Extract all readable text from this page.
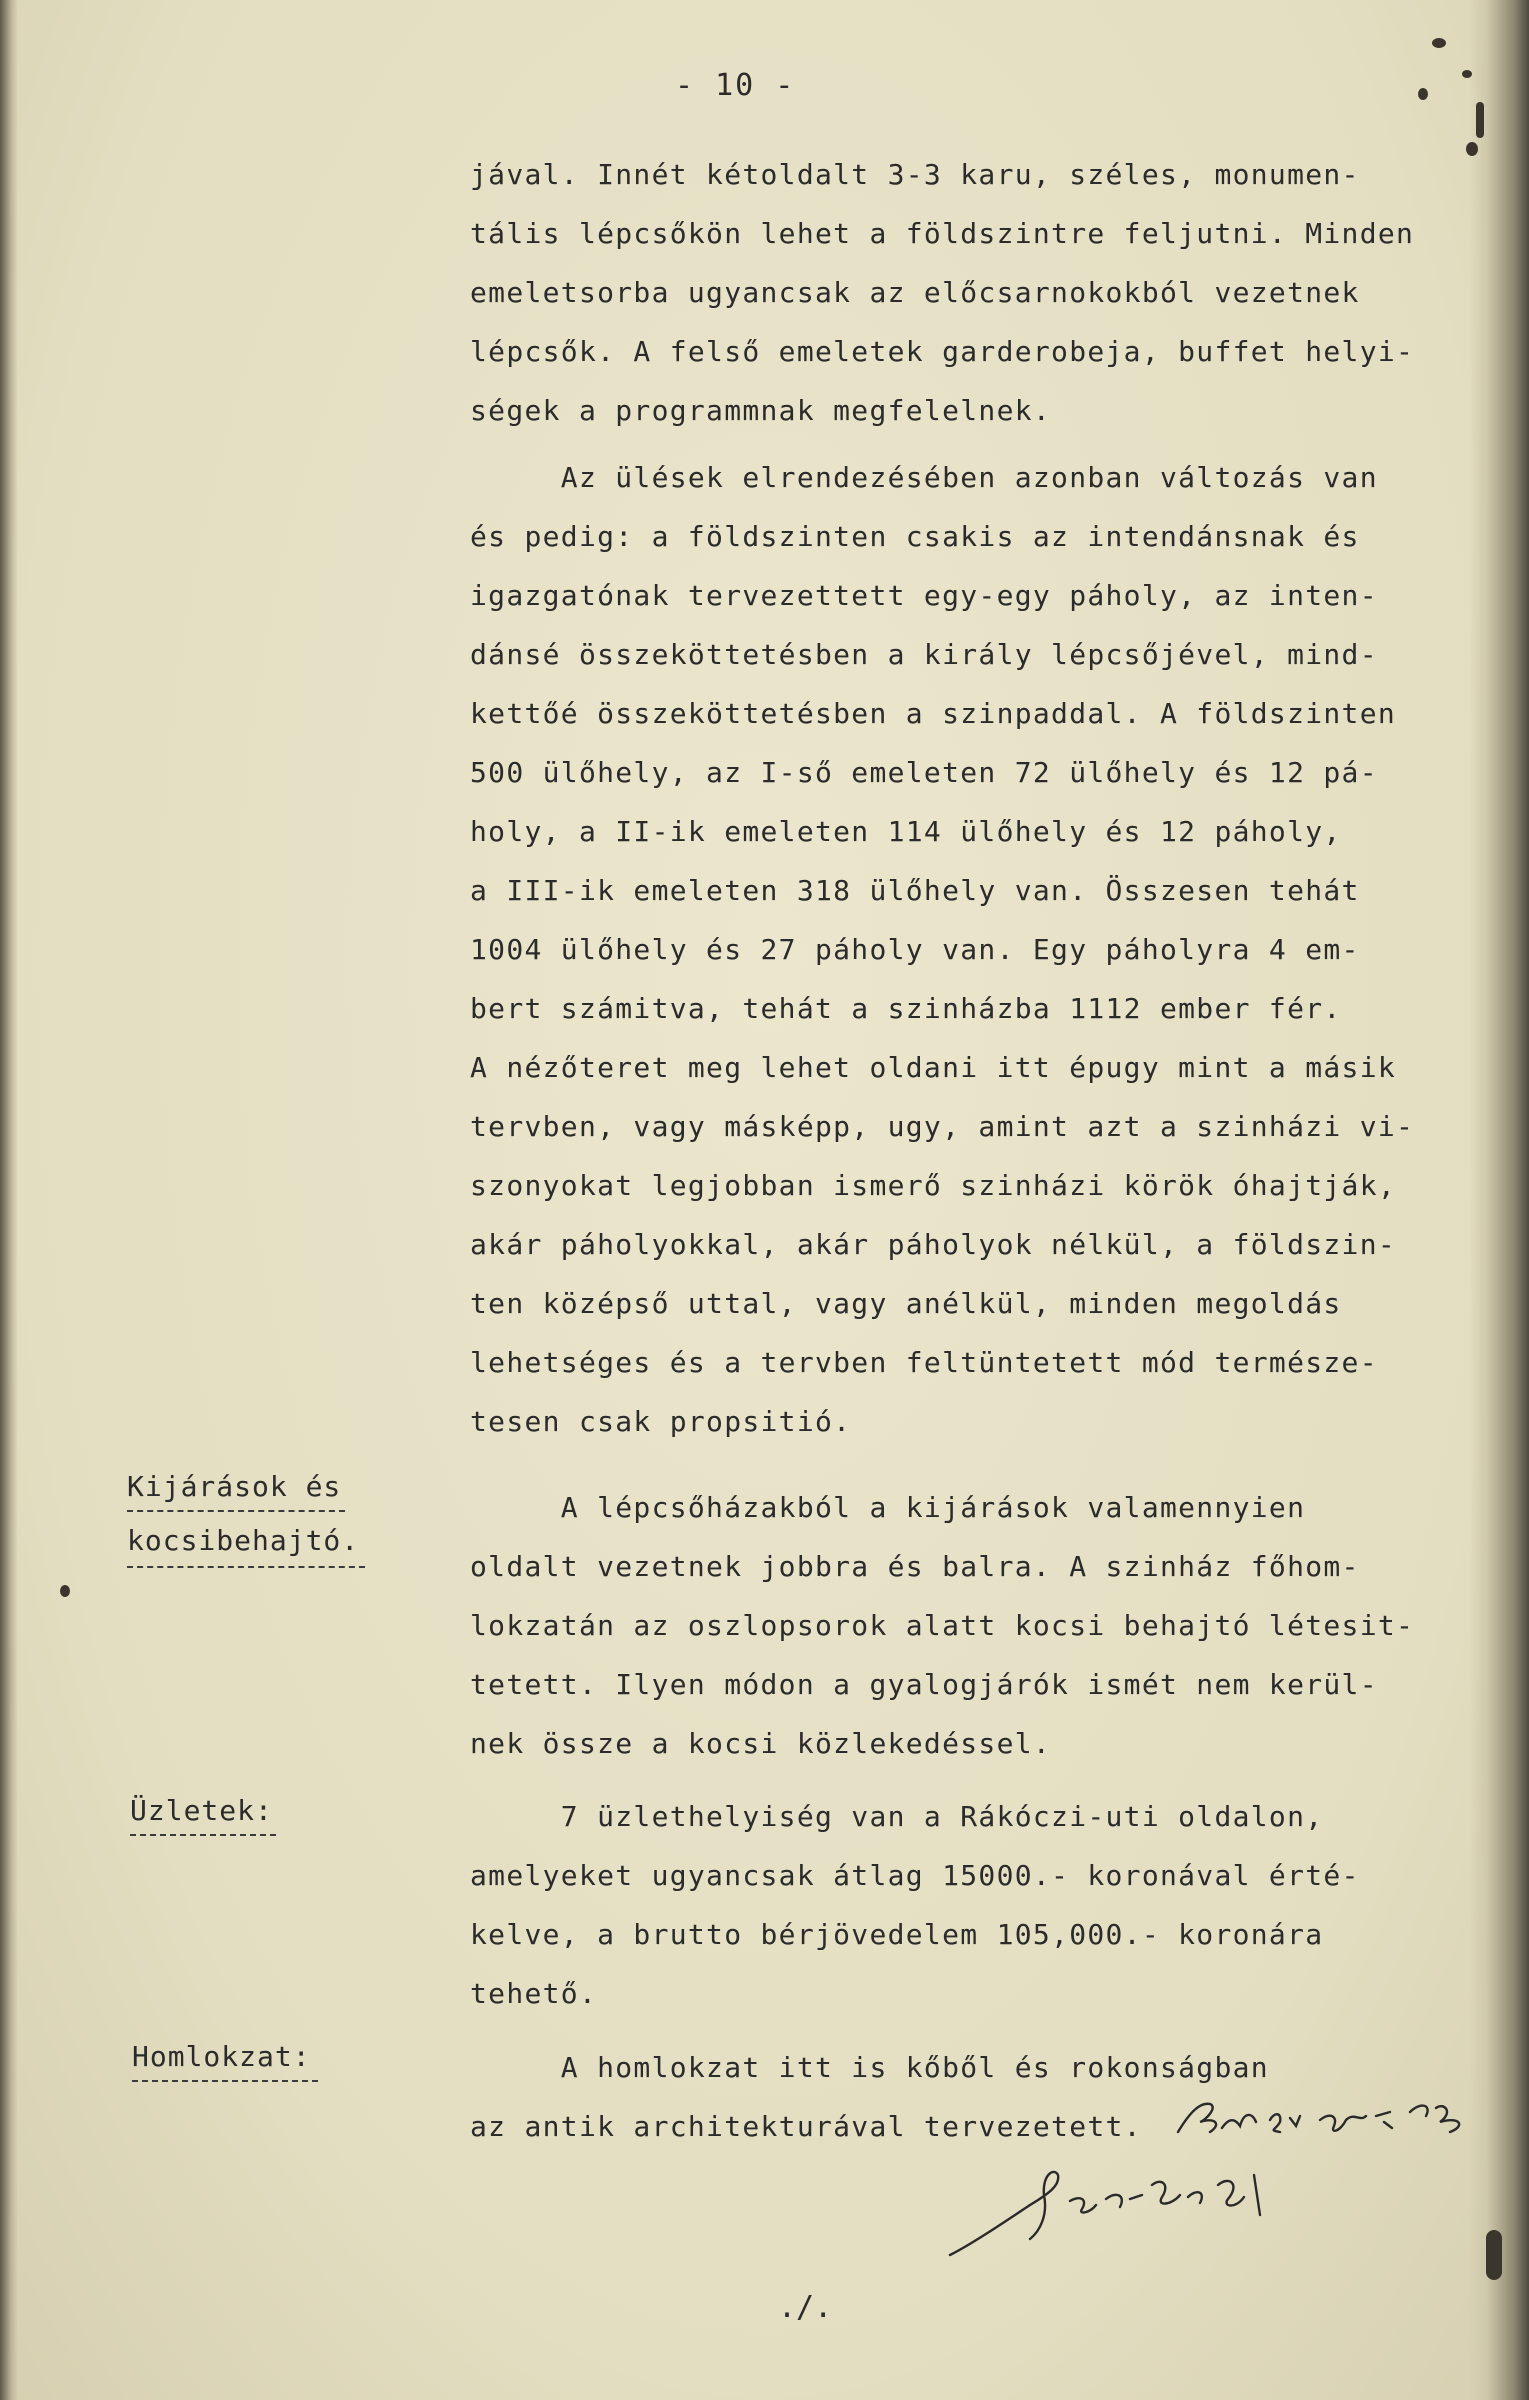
- 10 -
jával. Innét kétoldalt 3-3 karu, széles, monumen-
tális lépcsőkön lehet a földszintre feljutni. Minden
emeletsorba ugyancsak az előcsarnokokból vezetnek
lépcsők. A felső emeletek garderobeja, buffet helyi-
ségek a programmnak megfelelnek.
Az ülések elrendezésében azonban változás van
és pedig: a földszinten csakis az intendánsnak és
igazgatónak tervezettett egy-egy páholy, az inten-
dánsé összeköttetésben a király lépcsőjével, mind-
kettőé összeköttetésben a szinpaddal. A földszinten
500 ülőhely, az I-ső emeleten 72 ülőhely és 12 pá-
holy, a II-ik emeleten 114 ülőhely és 12 páholy,
a III-ik emeleten 318 ülőhely van. Összesen tehát
1004 ülőhely és 27 páholy van. Egy páholyra 4 em-
bert számitva, tehát a szinházba 1112 ember fér.
A nézőteret meg lehet oldani itt épugy mint a másik
tervben, vagy másképp, ugy, amint azt a szinházi vi-
szonyokat legjobban ismerő szinházi körök óhajtják,
akár páholyokkal, akár páholyok nélkül, a földszin-
ten középső uttal, vagy anélkül, minden megoldás
lehetséges és a tervben feltüntetett mód természe-
tesen csak propsitió.
A lépcsőházakból a kijárások valamennyien
oldalt vezetnek jobbra és balra. A szinház főhom-
lokzatán az oszlopsorok alatt kocsi behajtó létesit-
tetett. Ilyen módon a gyalogjárók ismét nem kerül-
nek össze a kocsi közlekedéssel.
7 üzlethelyiség van a Rákóczi-uti oldalon,
amelyeket ugyancsak átlag 15000.- koronával érté-
kelve, a brutto bérjövedelem 105,000.- koronára
tehető.
A homlokzat itt is kőből és rokonságban
az antik architekturával tervezetett.
Kijárások és
kocsibehajtó.
Üzletek:
Homlokzat:
./.
